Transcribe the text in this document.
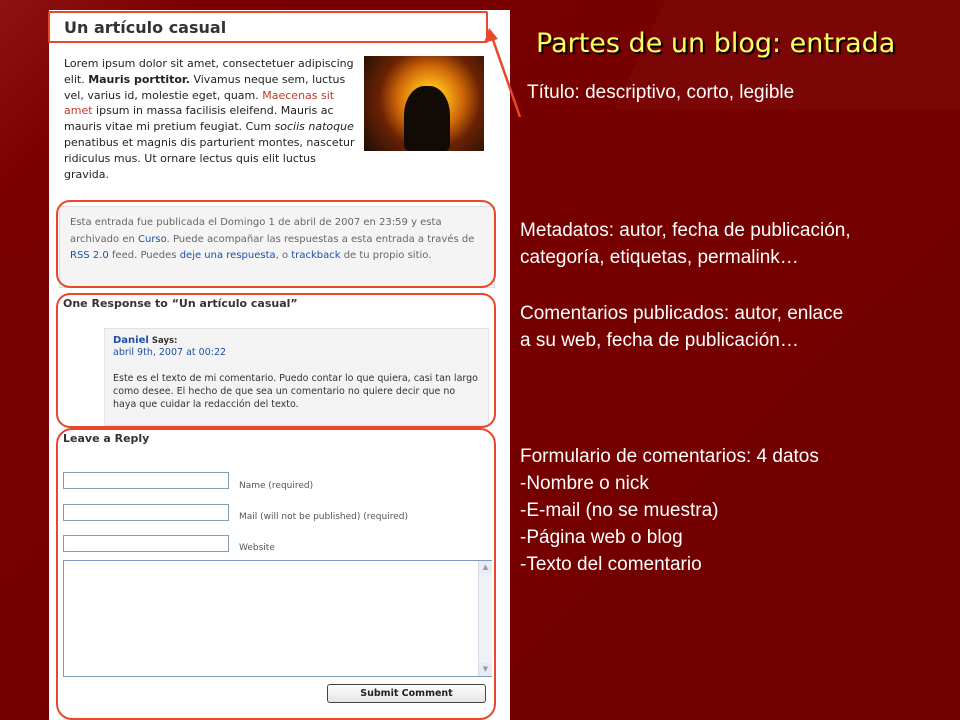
Un artículo casual
Lorem ipsum dolor sit amet, consectetuer adipiscing elit. Mauris porttitor. Vivamus neque sem, luctus vel, varius id, molestie eget, quam. Maecenas sit amet ipsum in massa facilisis eleifend. Mauris ac mauris vitae mi pretium feugiat. Cum sociis natoque penatibus et magnis dis parturient montes, nascetur ridiculus mus. Ut ornare lectus quis elit luctus gravida.
Esta entrada fue publicada el Domingo 1 de abril de 2007 en 23:59 y esta archivado en Curso. Puede acompañar las respuestas a esta entrada a través de RSS 2.0 feed. Puedes deje una respuesta, o trackback de tu propio sitio.
One Response to “Un artículo casual”
Daniel Says:
abril 9th, 2007 at 00:22
Este es el texto de mi comentario. Puedo contar lo que quiera, casi tan largo como desee. El hecho de que sea un comentario no quiere decir que no haya que cuidar la redacción del texto.
Leave a Reply
Name (required)
Mail (will not be published) (required)
Website
▲
▼
Submit Comment
Partes de un blog: entrada
Título: descriptivo, corto, legible
Metadatos: autor, fecha de publicación,
categoría, etiquetas, permalink…
Comentarios publicados: autor, enlace
a su web, fecha de publicación…
Formulario de comentarios: 4 datos
-Nombre o nick
-E-mail (no se muestra)
-Página web o blog
-Texto del comentario
